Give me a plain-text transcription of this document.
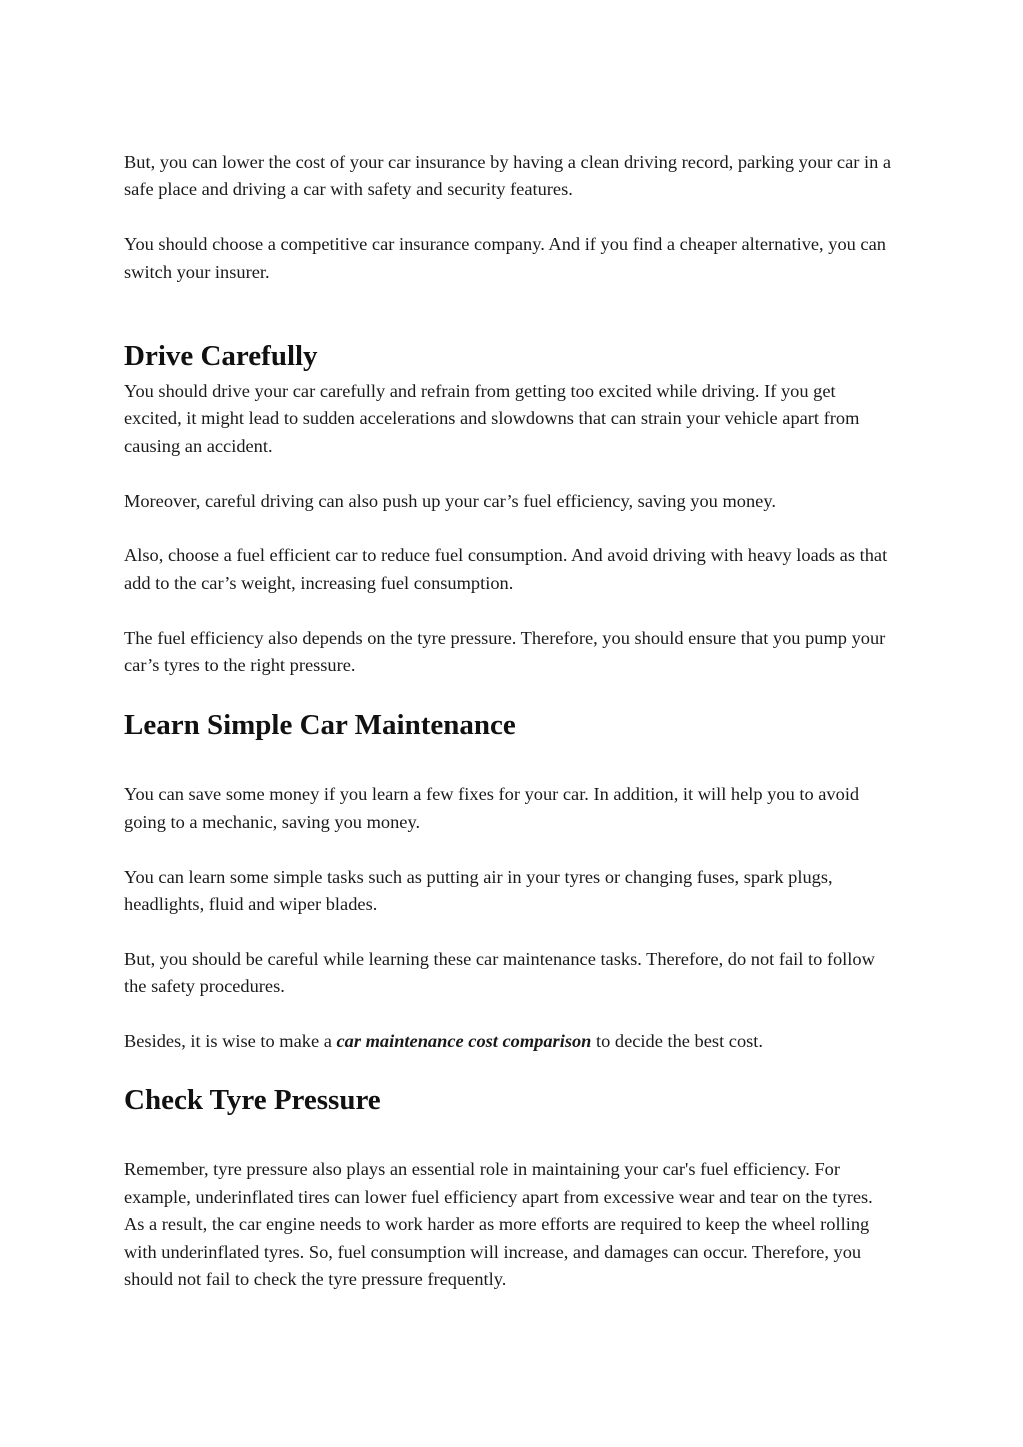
But, you can lower the cost of your car insurance by having a clean driving record, parking your car in a safe place and driving a car with safety and security features.

You should choose a competitive car insurance company. And if you find a cheaper alternative, you can switch your insurer.

Drive Carefully

You should drive your car carefully and refrain from getting too excited while driving. If you get excited, it might lead to sudden accelerations and slowdowns that can strain your vehicle apart from causing an accident.

Moreover, careful driving can also push up your car’s fuel efficiency, saving you money.

Also, choose a fuel efficient car to reduce fuel consumption. And avoid driving with heavy loads as that add to the car’s weight, increasing fuel consumption.

The fuel efficiency also depends on the tyre pressure. Therefore, you should ensure that you pump your car’s tyres to the right pressure.

Learn Simple Car Maintenance

You can save some money if you learn a few fixes for your car. In addition, it will help you to avoid going to a mechanic, saving you money.

You can learn some simple tasks such as putting air in your tyres or changing fuses, spark plugs, headlights, fluid and wiper blades.

But, you should be careful while learning these car maintenance tasks. Therefore, do not fail to follow the safety procedures.

Besides, it is wise to make a car maintenance cost comparison to decide the best cost.

Check Tyre Pressure

Remember, tyre pressure also plays an essential role in maintaining your car's fuel efficiency. For example, underinflated tires can lower fuel efficiency apart from excessive wear and tear on the tyres. As a result, the car engine needs to work harder as more efforts are required to keep the wheel rolling with underinflated tyres. So, fuel consumption will increase, and damages can occur. Therefore, you should not fail to check the tyre pressure frequently.
